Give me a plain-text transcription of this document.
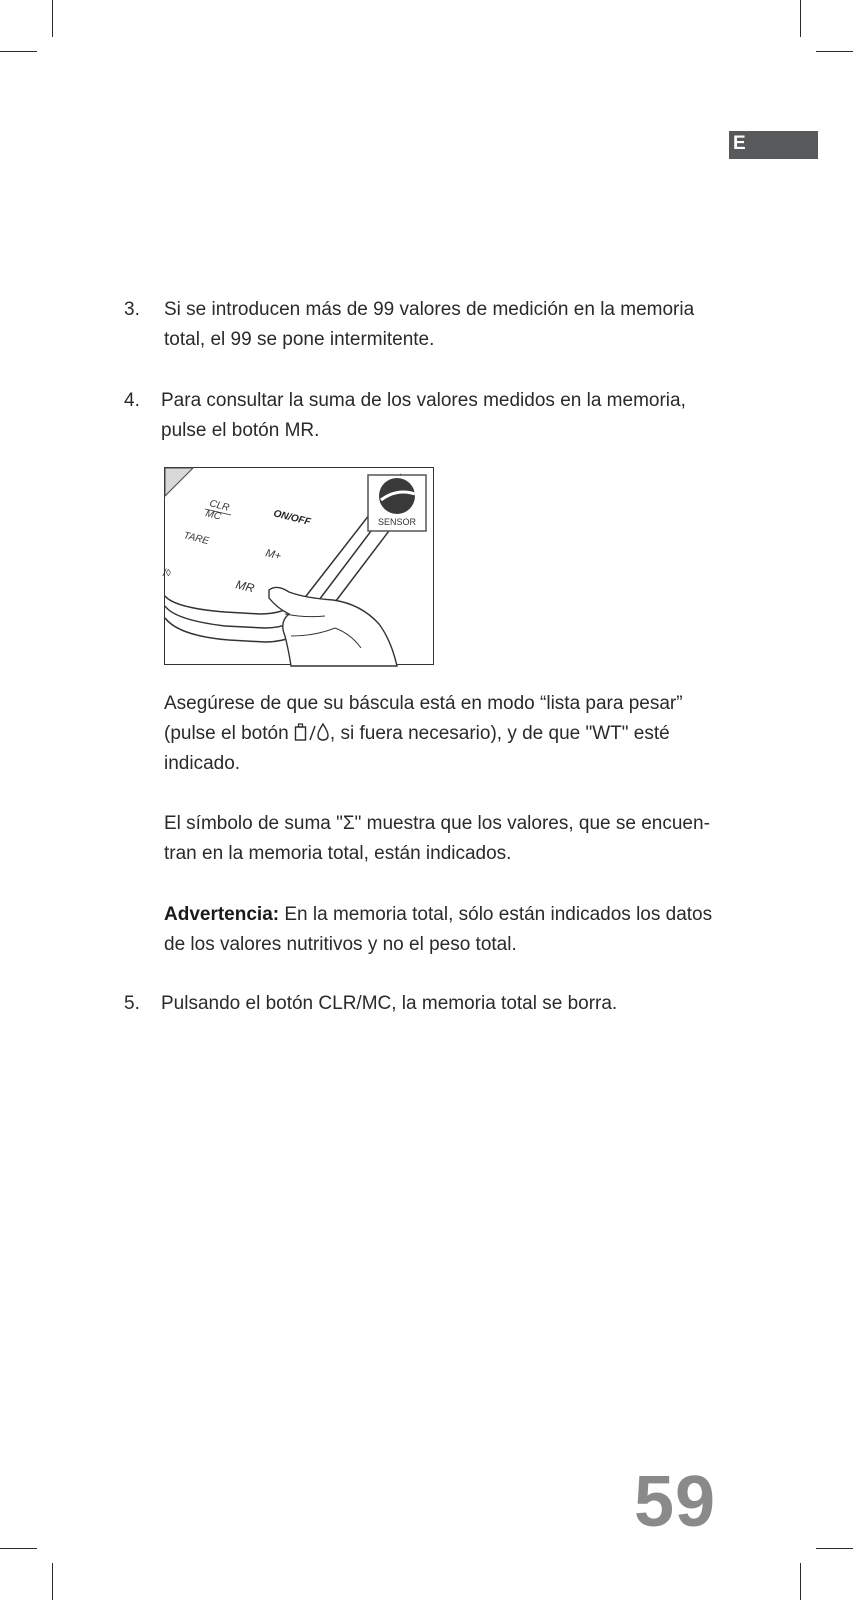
E
3. Si se introducen más de 99 valores de medición en la memoria
total, el 99 se pone intermitente.
4. Para consultar la suma de los valores medidos en la memoria,
pulse el botón MR.
SENSOR
CLR
MC	ON/OFF
TARE
M+
/◊
MR
Asegúrese de que su báscula está en modo “lista para pesar”
(pulse el botón , si fuera necesario), y de que "WT" esté
indicado.
El símbolo de suma "Σ" muestra que los valores, que se encuen-
tran en la memoria total, están indicados.
Advertencia: En la memoria total, sólo están indicados los datos
de los valores nutritivos y no el peso total.
5. Pulsando el botón CLR/MC, la memoria total se borra.
59
